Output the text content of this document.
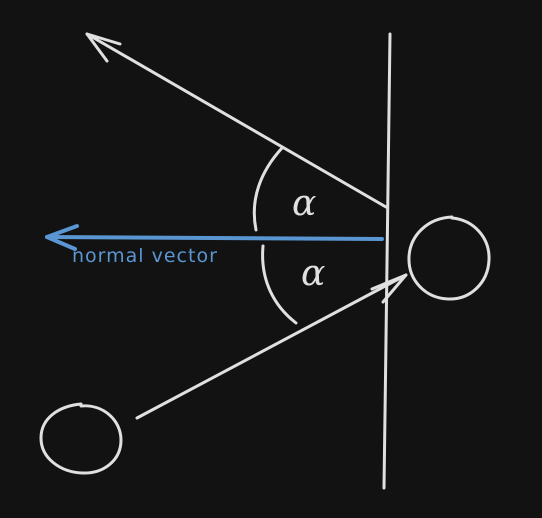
α
α
normal vector
